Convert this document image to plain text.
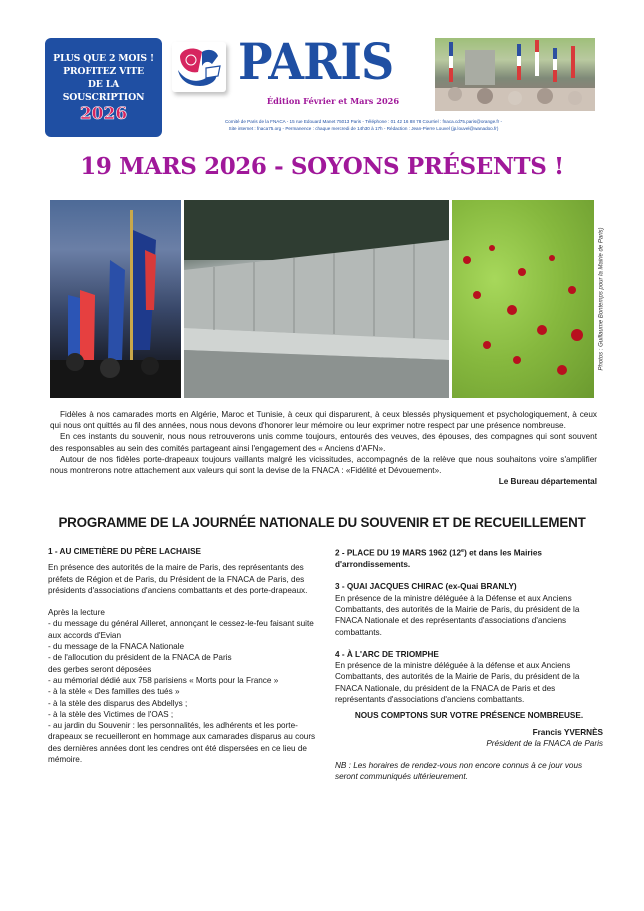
PLUS QUE 2 MOIS !
PROFITEZ VITE
DE LA
SOUSCRIPTION
2026
PARIS
Édition Février et Mars 2026
Comité de Paris de la FNACA - 15 rue Edouard Manet 75013 Paris - Téléphone : 01 42 16 88 78 Courriel : fnaca.cd75.paris@orange.fr -
Site internet : fnaca75.org - Permanence : chaque mercredi de 14h30 à 17h - Rédaction : Jean-Pierre Louvel (jp.louvel@wanadoo.fr)
19 MARS 2026 - SOYONS PRÉSENTS !
Photos : Guillaume Bontemps pour la Mairie de Paris)

Fidèles à nos camarades morts en Algérie, Maroc et Tunisie, à ceux qui disparurent, à ceux blessés physiquement et psychologiquement, à ceux qui nous ont quittés au fil des années, nous nous devons d'honorer leur mémoire ou leur exprimer notre respect par une présence nombreuse.

En ces instants du souvenir, nous nous retrouverons unis comme toujours, entourés des veuves, des épouses, des compagnes qui sont souvent des responsables au sein des comités partageant ainsi l'engagement des « Anciens d'AFN».

Autour de nos fidèles porte-drapeaux toujours vaillants malgré les vicissitudes, accompagnés de la relève que nous souhaitons voire s'amplifier nous montrerons notre attachement aux valeurs qui sont la devise de la FNACA : «Fidélité et Dévouement».

Le Bureau départemental

PROGRAMME DE LA JOURNÉE NATIONALE DU SOUVENIR ET DE RECUEILLEMENT
1 - AU CIMETIÈRE DU PÈRE LACHAISE
En présence des autorités de la maire de Paris, des représentants des préfets de Région et de Paris, du Président de la FNACA de Paris, des présidents d'associations d'anciens combattants et des porte-drapeaux.
Après la lecture
- du message du général Ailleret, annonçant le cessez-le-feu faisant suite aux accords d'Evian
- du message de la FNACA Nationale
- de l'allocution du président de la FNACA de Paris
des gerbes seront déposées
- au mémorial dédié aux 758 parisiens « Morts pour la France »
- à la stèle « Des familles des tués »
- à la stèle des disparus des Abdellys ;
- à la stèle des Victimes de l'OAS ;
- au jardin du Souvenir : les personnalités, les adhérents et les porte-drapeaux se recueilleront en hommage aux camarades disparus au cours des dernières années dont les cendres ont été dispersées en ce lieu de mémoire.
2 - PLACE DU 19 MARS 1962 (12e) et dans les Mairies d'arrondissements.
3 - QUAI JACQUES CHIRAC (ex-Quai BRANLY)
En présence de la ministre déléguée à la Défense et aux Anciens Combattants, des autorités de la Mairie de Paris, du président de la FNACA Nationale et des représentants d'associations d'anciens combattants.
4 - À L'ARC DE TRIOMPHE
En présence de la ministre déléguée à la défense et aux Anciens Combattants, des autorités de la Mairie de Paris, du président de la FNACA Nationale, du président de la FNACA de Paris et des représentants d'associations d'anciens combattants.
NOUS COMPTONS SUR VOTRE PRÉSENCE NOMBREUSE.
Francis YVERNÈS
Président de la FNACA de Paris
NB : Les horaires de rendez-vous non encore connus à ce jour vous seront communiqués ultérieurement.
